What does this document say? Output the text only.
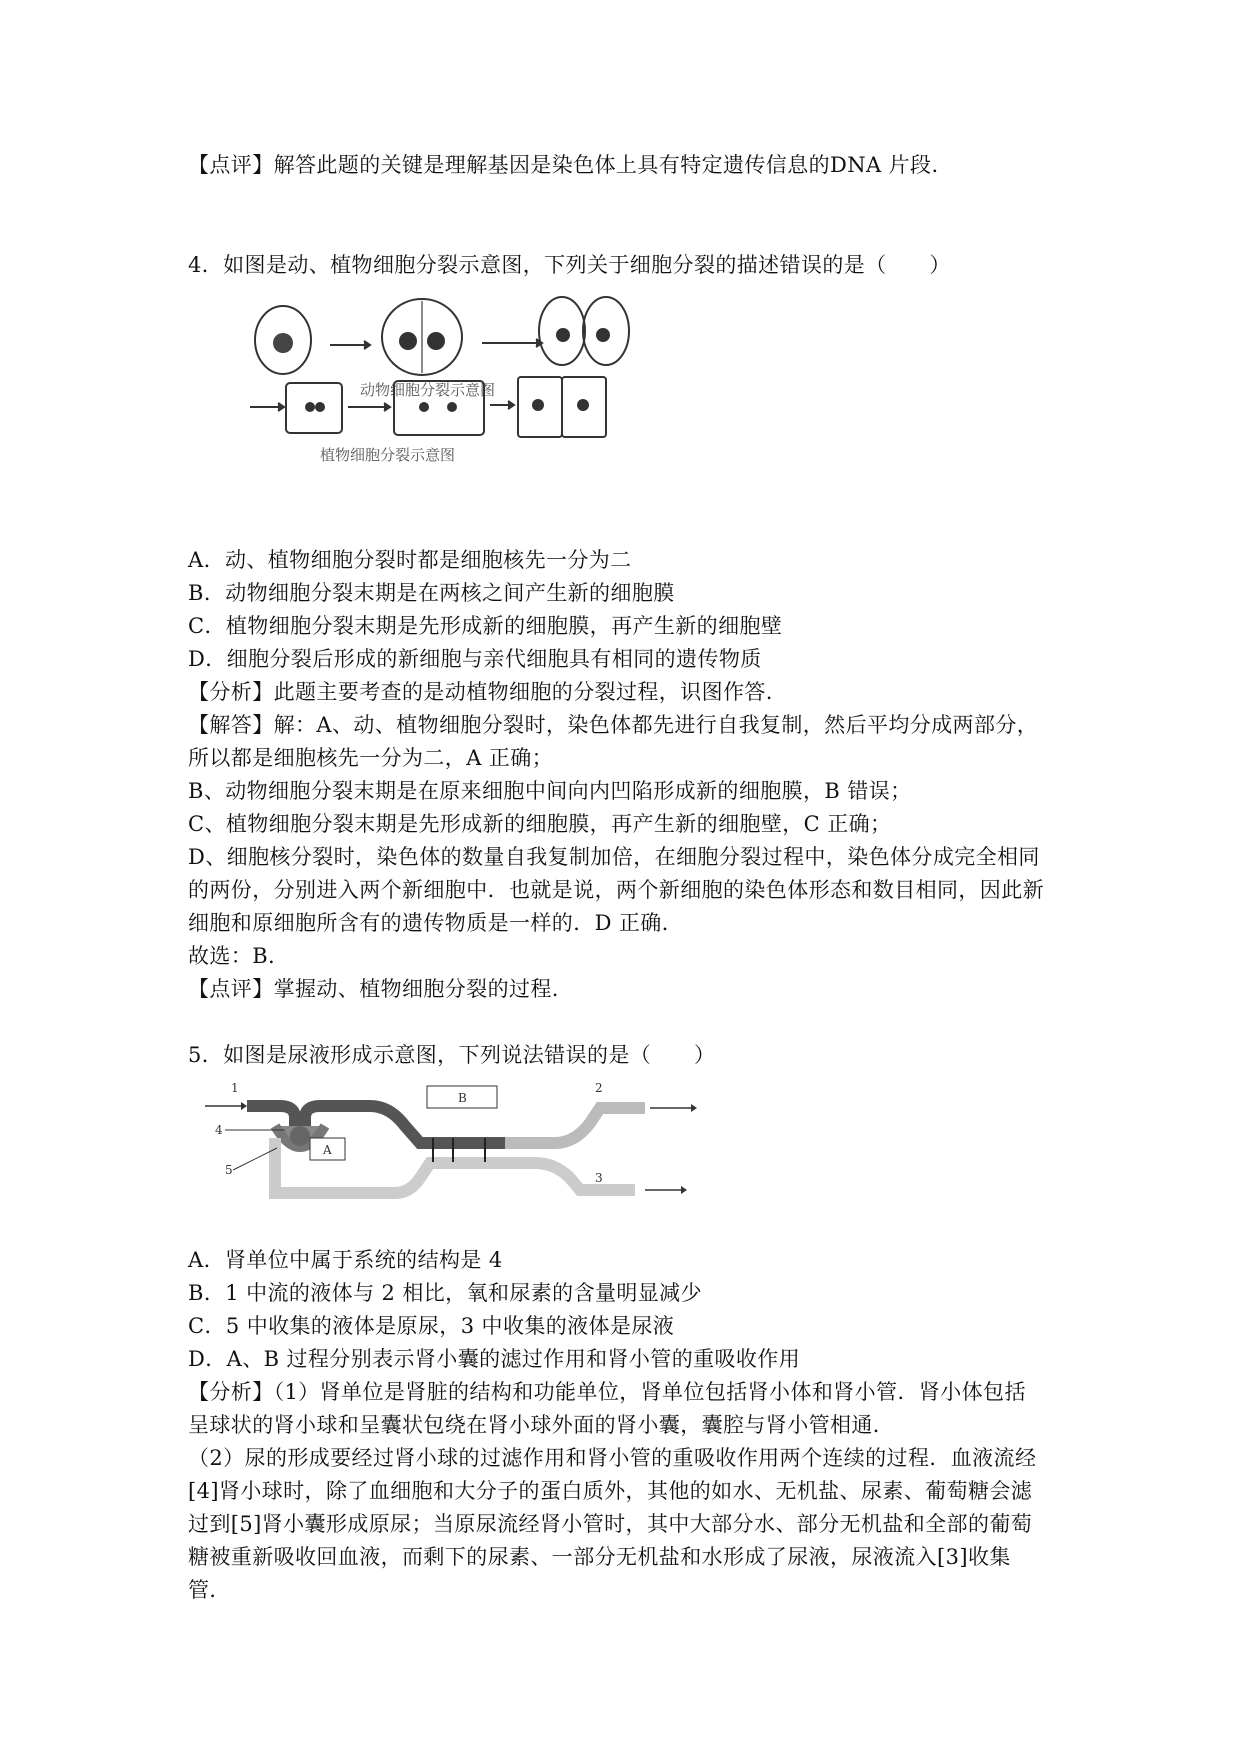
【点评】解答此题的关键是理解基因是染色体上具有特定遗传信息的DNA 片段.
4．如图是动、植物细胞分裂示意图，下列关于细胞分裂的描述错误的是（　　）
动物细胞分裂示意图
植物细胞分裂示意图
A．动、植物细胞分裂时都是细胞核先一分为二
B．动物细胞分裂末期是在两核之间产生新的细胞膜
C．植物细胞分裂末期是先形成新的细胞膜，再产生新的细胞壁
D．细胞分裂后形成的新细胞与亲代细胞具有相同的遗传物质
【分析】此题主要考查的是动植物细胞的分裂过程，识图作答.
【解答】解：A、动、植物细胞分裂时，染色体都先进行自我复制，然后平均分成两部分，
所以都是细胞核先一分为二，A 正确；
B、动物细胞分裂末期是在原来细胞中间向内凹陷形成新的细胞膜，B 错误；
C、植物细胞分裂末期是先形成新的细胞膜，再产生新的细胞壁，C 正确；
D、细胞核分裂时，染色体的数量自我复制加倍，在细胞分裂过程中，染色体分成完全相同
的两份，分别进入两个新细胞中．也就是说，两个新细胞的染色体形态和数目相同，因此新
细胞和原细胞所含有的遗传物质是一样的．D 正确．
故选：B.
【点评】掌握动、植物细胞分裂的过程.
5．如图是尿液形成示意图，下列说法错误的是（　　）
1	2
3
4
5
A
B
A．肾单位中属于系统的结构是 4
B．1 中流的液体与 2 相比，氧和尿素的含量明显减少
C．5 中收集的液体是原尿，3 中收集的液体是尿液
D．A、B 过程分别表示肾小囊的滤过作用和肾小管的重吸收作用
【分析】（1）肾单位是肾脏的结构和功能单位，肾单位包括肾小体和肾小管．肾小体包括
呈球状的肾小球和呈囊状包绕在肾小球外面的肾小囊，囊腔与肾小管相通．
（2）尿的形成要经过肾小球的过滤作用和肾小管的重吸收作用两个连续的过程．血液流经
[4]肾小球时，除了血细胞和大分子的蛋白质外，其他的如水、无机盐、尿素、葡萄糖会滤
过到[5]肾小囊形成原尿；当原尿流经肾小管时，其中大部分水、部分无机盐和全部的葡萄
糖被重新吸收回血液，而剩下的尿素、一部分无机盐和水形成了尿液，尿液流入[3]收集
管．
